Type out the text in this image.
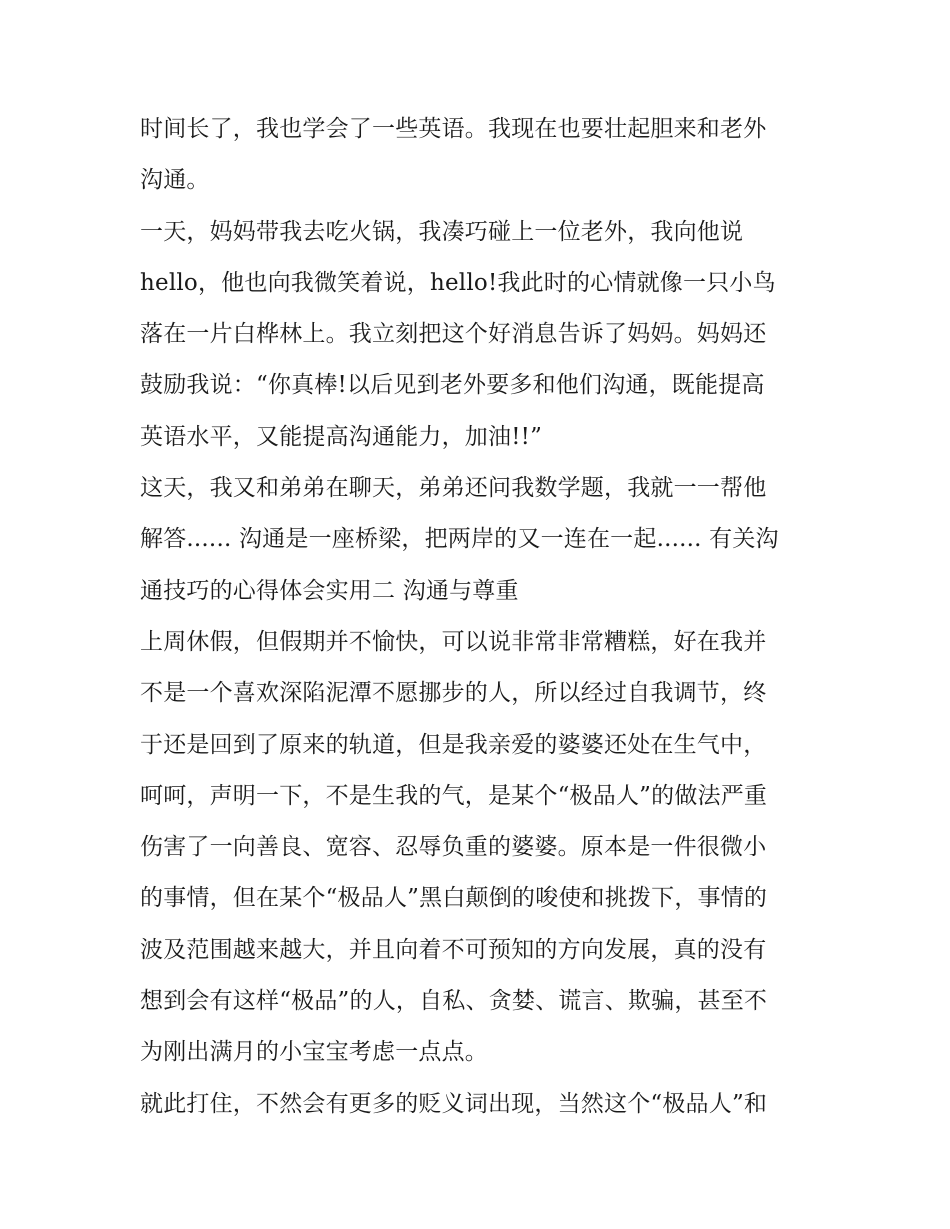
时间长了，我也学会了一些英语。我现在也要壮起胆来和老外
沟通。
一天，妈妈带我去吃火锅，我凑巧碰上一位老外，我向他说
hello，他也向我微笑着说，hello!我此时的心情就像一只小鸟
落在一片白桦林上。我立刻把这个好消息告诉了妈妈。妈妈还
鼓励我说：“你真棒!以后见到老外要多和他们沟通，既能提高
英语水平，又能提高沟通能力，加油!!”
这天，我又和弟弟在聊天，弟弟还问我数学题，我就一一帮他
解答...... 沟通是一座桥梁，把两岸的又一连在一起...... 有关沟
通技巧的心得体会实用二 沟通与尊重
上周休假，但假期并不愉快，可以说非常非常糟糕，好在我并
不是一个喜欢深陷泥潭不愿挪步的人，所以经过自我调节，终
于还是回到了原来的轨道，但是我亲爱的婆婆还处在生气中，
呵呵，声明一下，不是生我的气，是某个“极品人”的做法严重
伤害了一向善良、宽容、忍辱负重的婆婆。原本是一件很微小
的事情，但在某个“极品人”黑白颠倒的唆使和挑拨下，事情的
波及范围越来越大，并且向着不可预知的方向发展，真的没有
想到会有这样“极品”的人，自私、贪婪、谎言、欺骗，甚至不
为刚出满月的小宝宝考虑一点点。
就此打住，不然会有更多的贬义词出现，当然这个“极品人”和
